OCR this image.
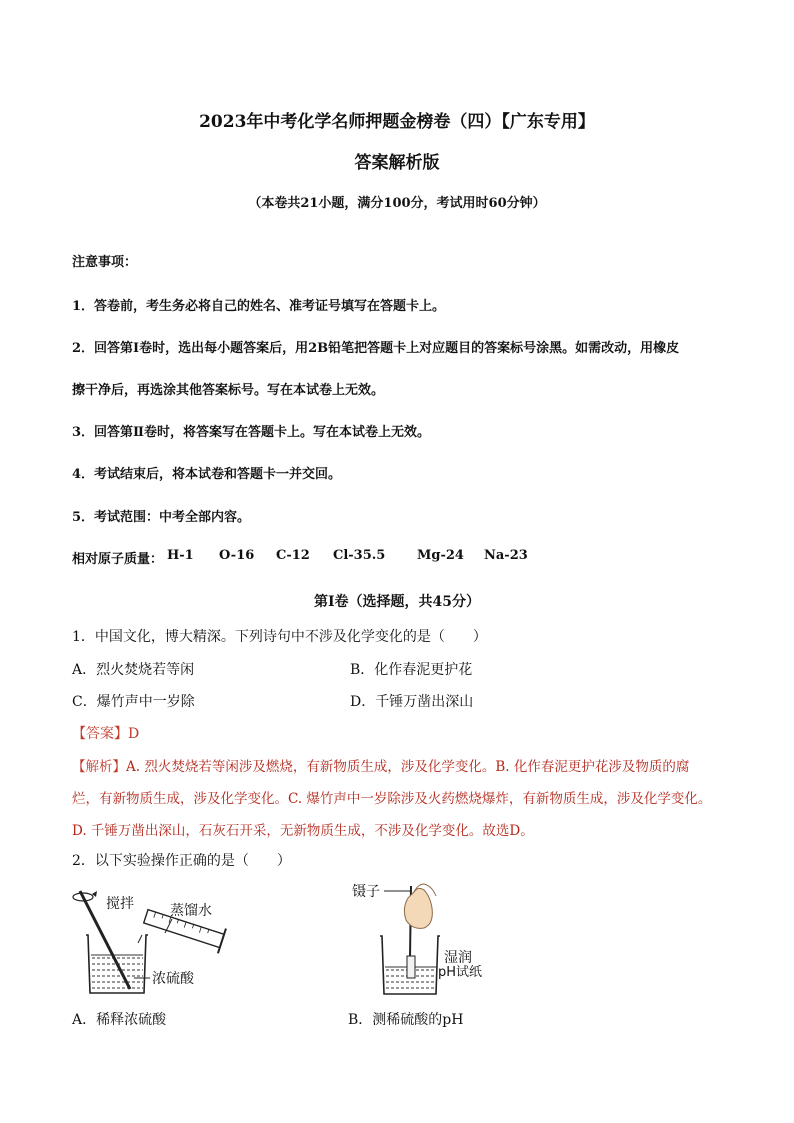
2023年中考化学名师押题金榜卷（四）【广东专用】
答案解析版
（本卷共21小题，满分100分，考试用时60分钟）
注意事项：
1．答卷前，考生务必将自己的姓名、准考证号填写在答题卡上。
2．回答第Ⅰ卷时，选出每小题答案后，用2B铅笔把答题卡上对应题目的答案标号涂黑。如需改动，用橡皮
擦干净后，再选涂其他答案标号。写在本试卷上无效。
3．回答第Ⅱ卷时，将答案写在答题卡上。写在本试卷上无效。
4．考试结束后，将本试卷和答题卡一并交回。
5．考试范围：中考全部内容。
相对原子质量： H-1 O-16 C-12 Cl-35.5 Mg-24 Na-23
第Ⅰ卷（选择题，共45分）
1．中国文化，博大精深。下列诗句中不涉及化学变化的是（　　）
A．烈火焚烧若等闲	B．化作春泥更护花
C．爆竹声中一岁除	D．千锤万凿出深山
【答案】D
【解析】A. 烈火焚烧若等闲涉及燃烧，有新物质生成，涉及化学变化。B. 化作春泥更护花涉及物质的腐
烂，有新物质生成，涉及化学变化。C. 爆竹声中一岁除涉及火药燃烧爆炸，有新物质生成，涉及化学变化。
D. 千锤万凿出深山，石灰石开采，无新物质生成，不涉及化学变化。故选D。
2．以下实验操作正确的是（　　）
搅拌	蒸馏水
浓硫酸
镊子
湿润
pH试纸
A．稀释浓硫酸	B．测稀硫酸的pH
